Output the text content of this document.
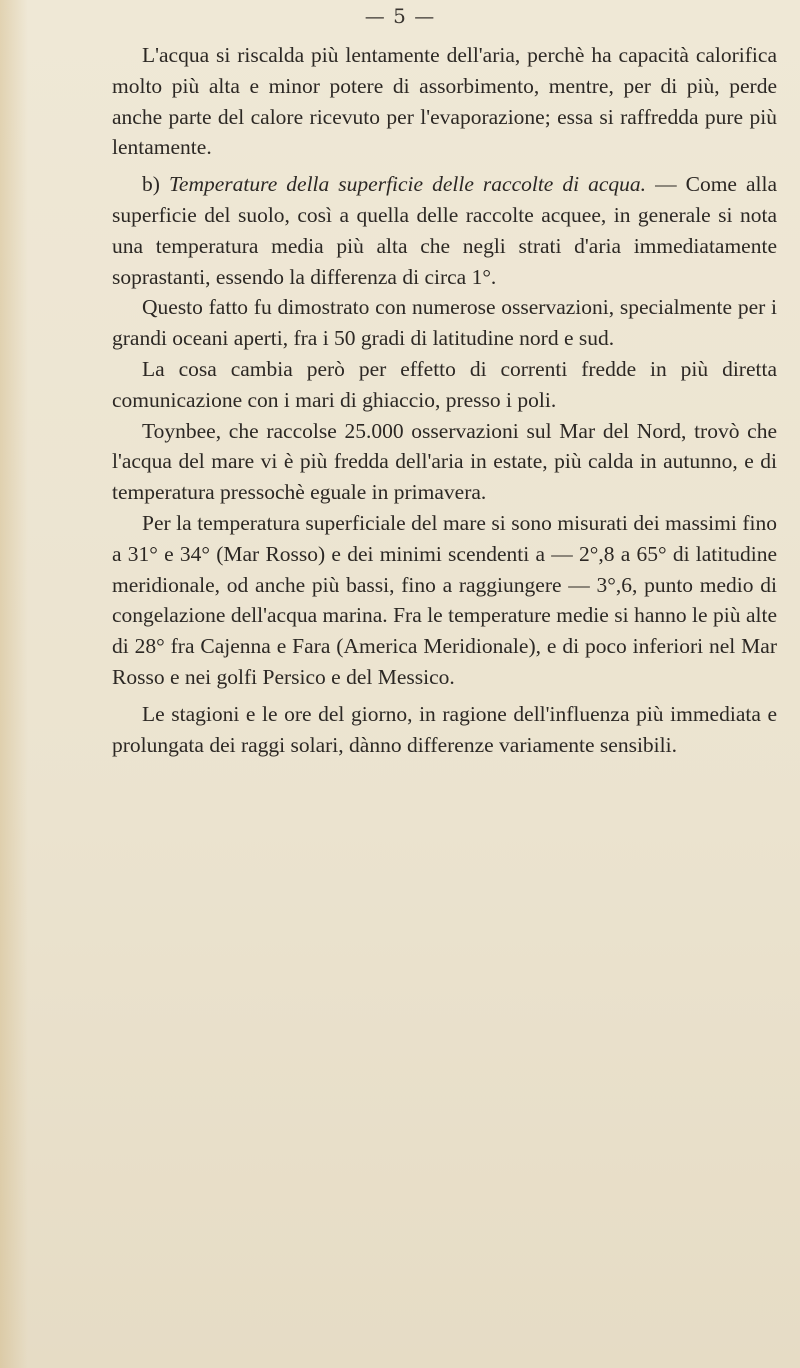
— 5 —

L'acqua si riscalda più lentamente dell'aria, perchè ha capacità calorifica molto più alta e minor potere di assorbimento, mentre, per di più, perde anche parte del calore ricevuto per l'evaporazione; essa si raffredda pure più lentamente.

b) Temperature della superficie delle raccolte di acqua. — Come alla superficie del suolo, così a quella delle raccolte acquee, in generale si nota una temperatura media più alta che negli strati d'aria immediatamente soprastanti, essendo la differenza di circa 1°.

Questo fatto fu dimostrato con numerose osservazioni, specialmente per i grandi oceani aperti, fra i 50 gradi di latitudine nord e sud.

La cosa cambia però per effetto di correnti fredde in più diretta comunicazione con i mari di ghiaccio, presso i poli.

Toynbee, che raccolse 25.000 osservazioni sul Mar del Nord, trovò che l'acqua del mare vi è più fredda dell'aria in estate, più calda in autunno, e di temperatura pressochè eguale in primavera.

Per la temperatura superficiale del mare si sono misurati dei massimi fino a 31° e 34° (Mar Rosso) e dei minimi scendenti a — 2°,8 a 65° di latitudine meridionale, od anche più bassi, fino a raggiungere — 3°,6, punto medio di congelazione dell'acqua marina. Fra le temperature medie si hanno le più alte di 28° fra Cajenna e Fara (America Meridionale), e di poco inferiori nel Mar Rosso e nei golfi Persico e del Messico.

Le stagioni e le ore del giorno, in ragione dell'influenza più immediata e prolungata dei raggi solari, dànno differenze variamente sensibili.
